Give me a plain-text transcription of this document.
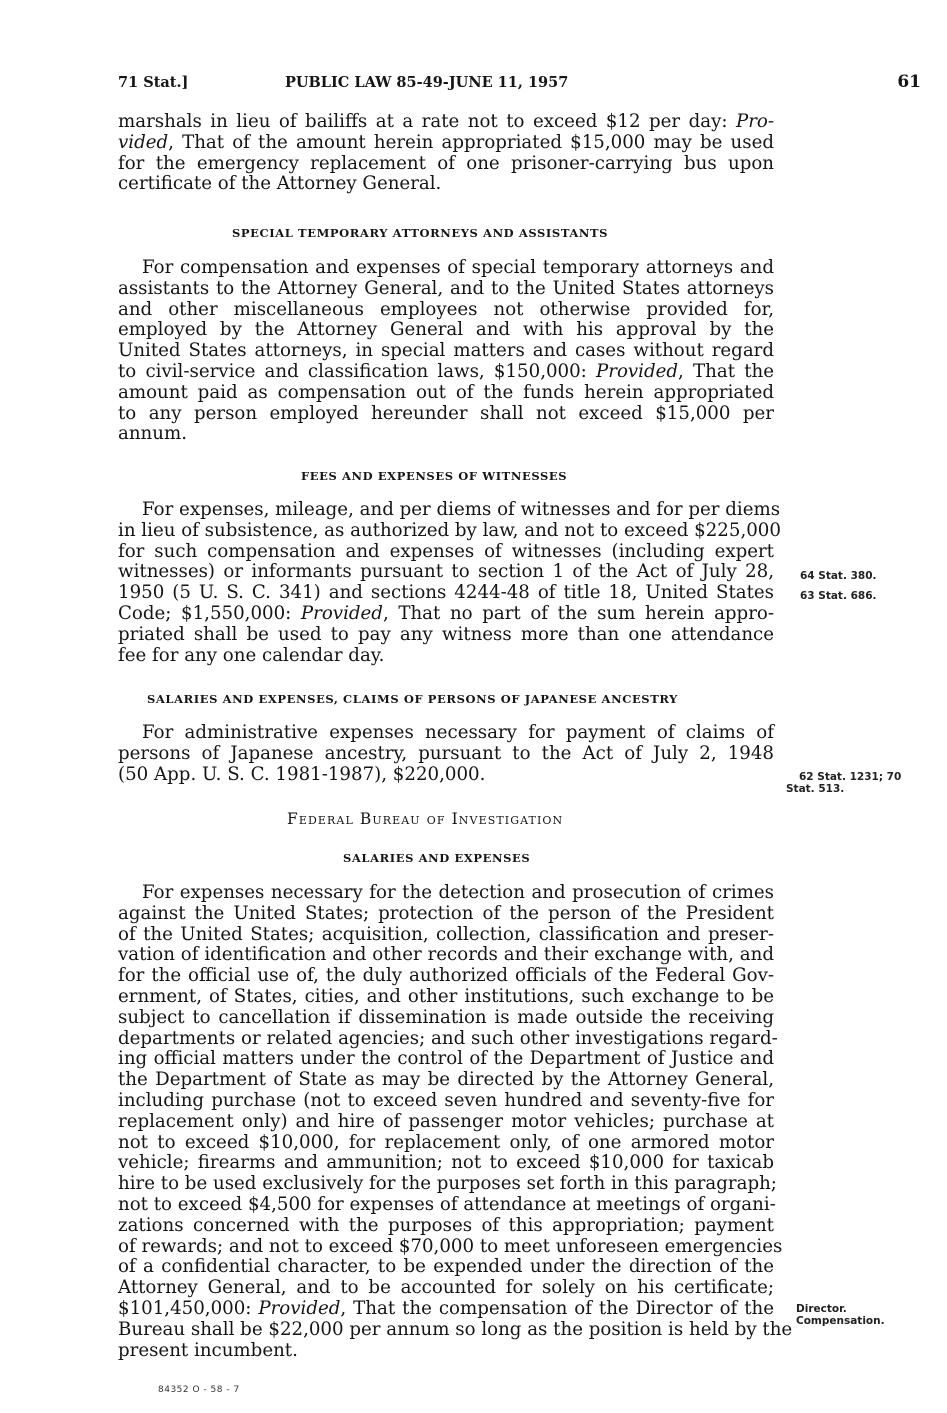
71 Stat.]	PUBLIC LAW 85-49-JUNE 11, 1957	61
marshals in lieu of bailiffs at a rate not to exceed $12 per day: Pro-
vided, That of the amount herein appropriated $15,000 may be used
for the emergency replacement of one prisoner-carrying bus upon
certificate of the Attorney General.
SPECIAL TEMPORARY ATTORNEYS AND ASSISTANTS
For compensation and expenses of special temporary attorneys and
assistants to the Attorney General, and to the United States attorneys
and other miscellaneous employees not otherwise provided for,
employed by the Attorney General and with his approval by the
United States attorneys, in special matters and cases without regard
to civil-service and classification laws, $150,000: Provided, That the
amount paid as compensation out of the funds herein appropriated
to any person employed hereunder shall not exceed $15,000 per
annum.
FEES AND EXPENSES OF WITNESSES
For expenses, mileage, and per diems of witnesses and for per diems
in lieu of subsistence, as authorized by law, and not to exceed $225,000
for such compensation and expenses of witnesses (including expert
witnesses) or informants pursuant to section 1 of the Act of July 28,
1950 (5 U. S. C. 341) and sections 4244-48 of title 18, United States
Code; $1,550,000: Provided, That no part of the sum herein appro-
priated shall be used to pay any witness more than one attendance
fee for any one calendar day.
SALARIES AND EXPENSES, CLAIMS OF PERSONS OF JAPANESE ANCESTRY
For administrative expenses necessary for payment of claims of
persons of Japanese ancestry, pursuant to the Act of July 2, 1948
(50 App. U. S. C. 1981-1987), $220,000.
Federal Bureau of Investigation
SALARIES AND EXPENSES
For expenses necessary for the detection and prosecution of crimes
against the United States; protection of the person of the President
of the United States; acquisition, collection, classification and preser-
vation of identification and other records and their exchange with, and
for the official use of, the duly authorized officials of the Federal Gov-
ernment, of States, cities, and other institutions, such exchange to be
subject to cancellation if dissemination is made outside the receiving
departments or related agencies; and such other investigations regard-
ing official matters under the control of the Department of Justice and
the Department of State as may be directed by the Attorney General,
including purchase (not to exceed seven hundred and seventy-five for
replacement only) and hire of passenger motor vehicles; purchase at
not to exceed $10,000, for replacement only, of one armored motor
vehicle; firearms and ammunition; not to exceed $10,000 for taxicab
hire to be used exclusively for the purposes set forth in this paragraph;
not to exceed $4,500 for expenses of attendance at meetings of organi-
zations concerned with the purposes of this appropriation; payment
of rewards; and not to exceed $70,000 to meet unforeseen emergencies
of a confidential character, to be expended under the direction of the
Attorney General, and to be accounted for solely on his certificate;
$101,450,000: Provided, That the compensation of the Director of the
Bureau shall be $22,000 per annum so long as the position is held by the
present incumbent.
64 Stat. 380.
63 Stat. 686.
62 Stat. 1231; 70
Stat. 513.
Director.
Compensation.
84352 O - 58 - 7
